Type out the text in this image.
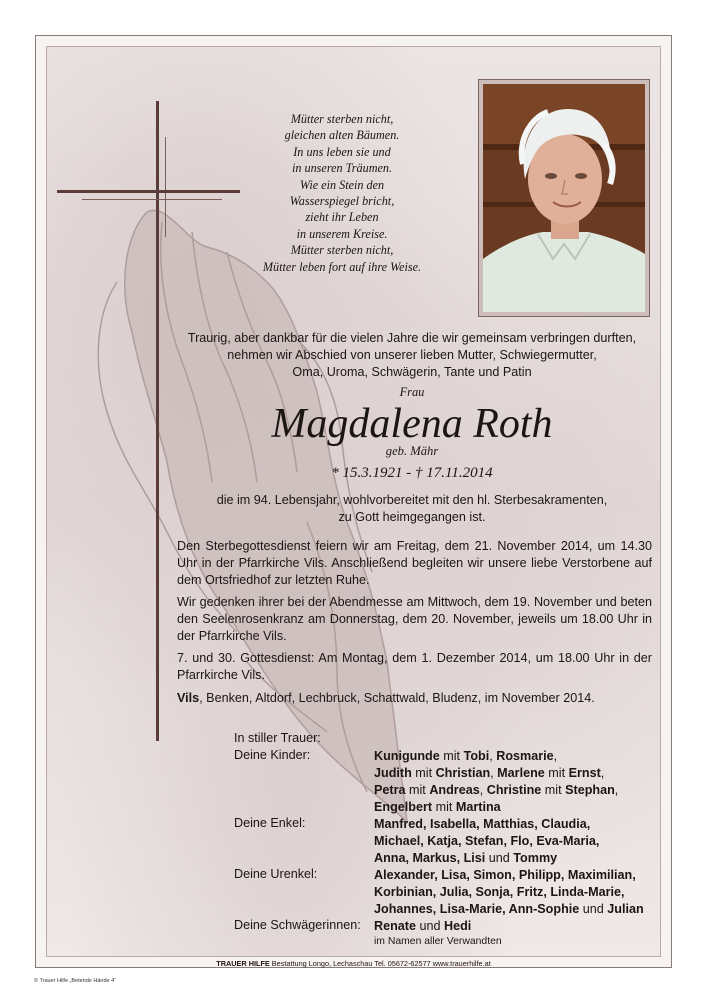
Mütter sterben nicht,
gleichen alten Bäumen.
In uns leben sie und
in unseren Träumen.
Wie ein Stein den
Wasserspiegel bricht,
zieht ihr Leben
in unserem Kreise.
Mütter sterben nicht,
Mütter leben fort auf ihre Weise.
Traurig, aber dankbar für die vielen Jahre die wir gemeinsam verbringen durften,
nehmen wir Abschied von unserer lieben Mutter, Schwiegermutter,
Oma, Uroma, Schwägerin, Tante und Patin
Frau
Magdalena Roth
geb. Mähr
* 15.3.1921 - † 17.11.2014
die im 94. Lebensjahr, wohlvorbereitet mit den hl. Sterbesakramenten,
zu Gott heimgegangen ist.
Den Sterbegottesdienst feiern wir am Freitag, dem 21. November 2014, um 14.30 Uhr in der Pfarrkirche Vils. Anschließend begleiten wir unsere liebe Verstorbene auf dem Ortsfriedhof zur letzten Ruhe.
Wir gedenken ihrer bei der Abendmesse am Mittwoch, dem 19. November und beten den Seelenrosenkranz am Donnerstag, dem 20. November, jeweils um 18.00 Uhr in der Pfarrkirche Vils.
7. und 30. Gottesdienst: Am Montag, dem 1. Dezember 2014, um 18.00 Uhr in der Pfarrkirche Vils.
Vils, Benken, Altdorf, Lechbruck, Schattwald, Bludenz, im November 2014.
In stiller Trauer:
Deine Kinder:	Kunigunde mit Tobi, Rosmarie,
Judith mit Christian, Marlene mit Ernst,
Petra mit Andreas, Christine mit Stephan,
Engelbert mit Martina
Deine Enkel:	Manfred, Isabella, Matthias, Claudia,
Michael, Katja, Stefan, Flo, Eva-Maria,
Anna, Markus, Lisi und Tommy
Deine Urenkel:	Alexander, Lisa, Simon, Philipp, Maximilian,
Korbinian, Julia, Sonja, Fritz, Linda-Marie,
Johannes, Lisa-Marie, Ann-Sophie und Julian
Deine Schwägerinnen: Renate und Hedi
im Namen aller Verwandten
TRAUER HILFE Bestattung Longo, Lechaschau Tel. 05672-62577 www.trauerhilfe.at
© Trauer Hilfe „Betende Hände 4“
